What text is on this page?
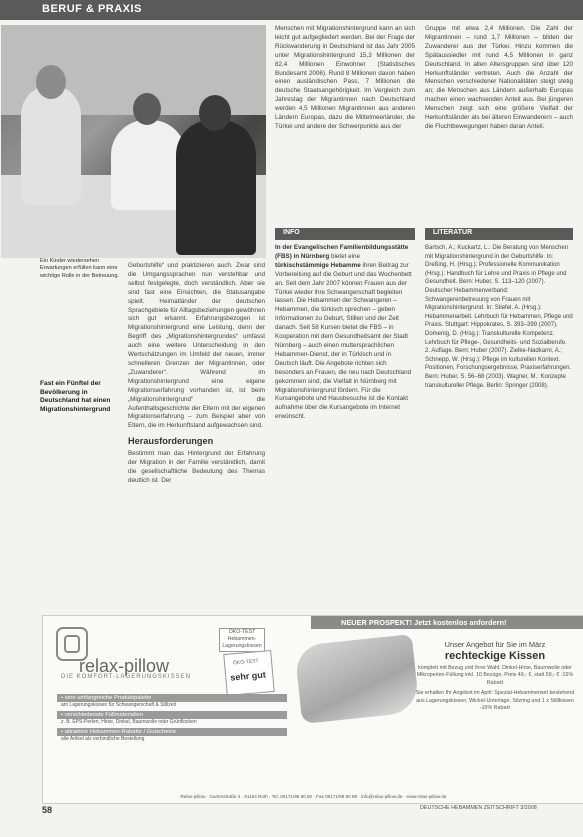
BERUF & PRAXIS
Ein Kinder wiedersehen Erwartungen erfüllen kann eine wichtige Rolle in der Betreuung.
Fast ein Fünftel der Bevölkerung in Deutschland hat einen Migrationshintergrund

Geburtshilfe“ und praktizieren auch. Zwar sind die Umgangssprachen nun verstehbar und selbst festgelegte, doch verständlich. Aber sie sind fast eine Einsichten, die Statusangabe spielt. Heimatländer der deutschen Sprachgebiete für Alltagsbeziehungen gewöhnen sich gut erkannt. Erfahrungsbezogen ist Migrationshintergrund eine Leistung, denn der Begriff des „Migrationshintergrundes“ umfasst auch eine weitere Unterscheidung in den Wertschätzungen im Umfeld der neuen, immer schnelleren Grenzen der Migrantinnen, oder „Zuwanderer“. Während im Migrationshintergrund eine eigene Migrationserfahrung vorhanden ist, ist beim „Migrationshintergrund“ die Aufenthaltsgeschichte der Eltern mit der eigenen Migrationserfahrung – zum Beispiel aber von Eltern, die im Herkunftsland aufgewachsen sind.

Herausforderungen

Bestimmt man das Hintergrund der Erfahrung der Migration in der Familie verständlich, damit die gesellschaftliche Bedeutung des Themas deutlich ist. Der

Menschen mit Migrationshintergrund kann an sich leicht gut aufgegliedert werden. Bei der Frage der Rückwanderung in Deutschland ist das Jahr 2005 unter Migrationshintergrund 15,3 Millionen der 82,4 Millionen Einwohner (Statistisches Bundesamt 2006). Rund 8 Millionen davon haben einen ausländischen Pass, 7 Millionen die deutsche Staatsangehörigkeit. Im Vergleich zum Jahrestag der Migrantinnen nach Deutschland werden 4,5 Millionen Migrantinnen aus anderen Ländern Europas, dazu die Mittelmeerländer, die Türkei und andere der Schwerpunkte aus der

INFO
In der Evangelischen Familienbildungsstätte (FBS) in Nürnberg bietet eine türkischstämmige Hebamme ihren Beitrag zur Vorbereitung auf die Geburt und das Wochenbett an. Seit dem Jahr 2007 können Frauen aus der Türkei wieder ihre Schwangerschaft begleiten lassen. Die Hebammen der Schwangeren – Hebammen, die türkisch sprechen – geben Informationen zu Geburt, Stillen und der Zeit danach. Seit 58 Kursen bietet die FBS – in Kooperation mit dem Gesundheitsamt der Stadt Nürnberg – auch einen muttersprachlichen Hebammen-Dienst, der in Türkisch und in Deutsch läuft. Die Angebote richten sich besonders an Frauen, die neu nach Deutschland gekommen sind, die Vielfalt in Nürnberg mit Migrationshintergrund fördern. Für die Kursangebote und Hausbesuche ist die Kontakt aufnahme über die Kursangebote im Internet erwünscht.

Gruppe mit etwa 2,4 Millionen. Die Zahl der Migrantinnen – rund 1,7 Millionen – bilden der Zuwanderer aus der Türkei. Hinzu kommen die Spätaussiedler mit rund 4,5 Millionen in ganz Deutschland. In allen Altersgruppen sind über 120 Herkunftsländer vertreten. Auch die Anzahl der Menschen verschiedener Nationalitäten steigt stetig an; die Menschen aus Ländern außerhalb Europas machen einen wachsenden Anteil aus. Bei jüngeren Menschen zeigt sich eine größere Vielfalt der Herkunftsländer als bei älteren Einwanderern – auch die Fluchtbewegungen haben daran Anteil.

LITERATUR
Bartsch, A.; Kuckartz, L.: Die Beratung von Menschen mit Migrationshintergrund in der Geburtshilfe. In: Dreßing, H. (Hrsg.): Professionelle Kommunikation (Hrsg.): Handbuch für Lehre und Praxis in Pflege und Gesundheit. Bern: Huber, S. 113–120 (2007). Deutscher Hebammenverband: Schwangerenbetreuung von Frauen mit Migrationshintergrund. In: Stiefel, A. (Hrsg.): Hebammenarbeit. Lehrbuch für Hebammen, Pflege und Praxis. Stuttgart: Hippokrates, S. 393–399 (2007). Domenig, D. (Hrsg.): Transkulturelle Kompetenz. Lehrbuch für Pflege-, Gesundheits- und Sozialberufe. 2. Auflage. Bern: Huber (2007). Zielke-Nadkarni, A.; Schnepp, W. (Hrsg.): Pflege im kulturellen Kontext. Positionen, Forschungsergebnisse, Praxiserfahrungen. Bern: Huber, S. 56–68 (2003). Wagner, M.: Konzepte transkultureller Pflege. Berlin: Springer (2008).
NEUER PROSPEKT! Jetzt kostenlos anfordern!
relax-pillow
DIE KOMFORT-LAGERUNGSKISSEN
ÖKO-TEST Hebammen-Lagerungskissen
ÖKO-TEST
sehr gut
• eine umfangreiche Produktpalette
am Lagerungskissen für Schwangerschaft & Stillzeit
• verschiedenste Füllmaterialien
z. B. EPS-Perlen, Hirse, Dinkel, Baumwolle oder Grünflocken
• attraktive Hebammen-Rabatte / Gutscheine
alle Artikel als verbindliche Bestellung
Unser Angebot für Sie im März
rechteckige Kissen
komplett mit Bezug und Ihrer Wahl: Dinkel-Hirse, Baumwolle oder Mikroperlen-Füllung inkl. 10 Bezüge, Preis 49,- €, statt 59,- € -15% Rabatt
Sie erhalten Ihr Angebot im April: Spezial-Hebammenset bestehend aus Lagerungskissen, Wickel-Unterlage, Sitzring und 1 x Stillkissen -10% Rabatt
Relax-pillow · Gartenstraße 4 · 91154 Roth · Tel. 09171/98 80 80 · Fax 09171/98 80 88 · info@relax-pillow.de · www.relax-pillow.de
58	DEUTSCHE HEBAMMEN ZEITSCHRIFT 3/2008
